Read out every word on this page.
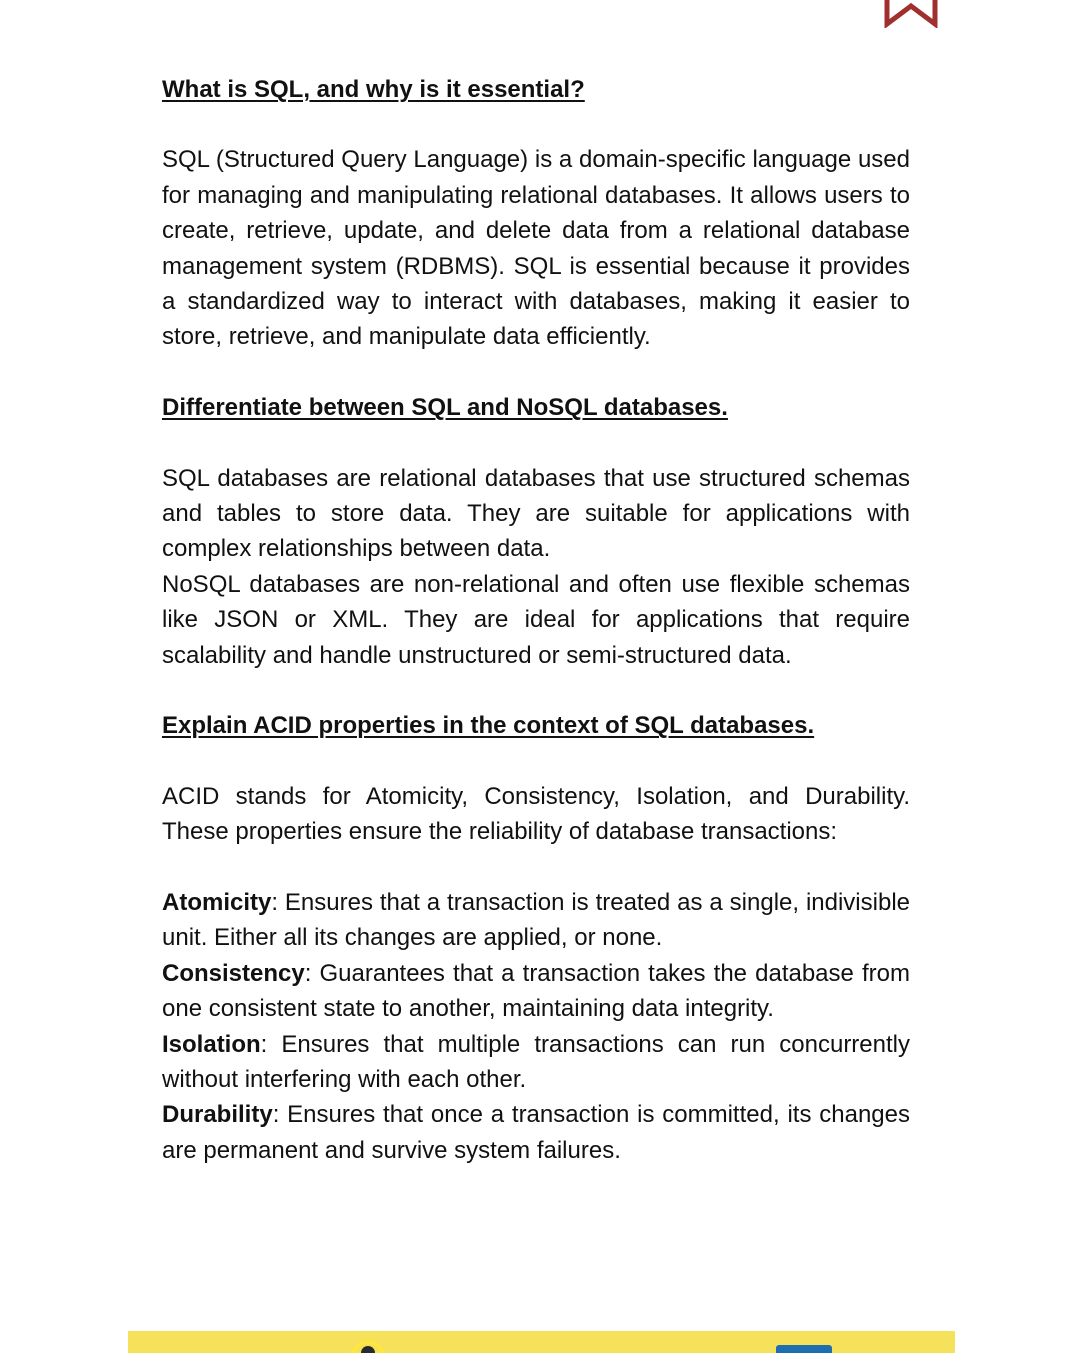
What is SQL, and why is it essential?

SQL (Structured Query Language) is a domain-specific language used for managing and manipulating relational databases. It allows users to create, retrieve, update, and delete data from a relational database management system (RDBMS). SQL is essential because it provides a standardized way to interact with databases, making it easier to store, retrieve, and manipulate data efficiently.

Differentiate between SQL and NoSQL databases.

SQL databases are relational databases that use structured schemas and tables to store data. They are suitable for applications with complex relationships between data.

NoSQL databases are non-relational and often use flexible schemas like JSON or XML. They are ideal for applications that require scalability and handle unstructured or semi-structured data.

Explain ACID properties in the context of SQL databases.

ACID stands for Atomicity, Consistency, Isolation, and Durability. These properties ensure the reliability of database transactions:

Atomicity: Ensures that a transaction is treated as a single, indivisible unit. Either all its changes are applied, or none.

Consistency: Guarantees that a transaction takes the database from one consistent state to another, maintaining data integrity.

Isolation: Ensures that multiple transactions can run concurrently without interfering with each other.

Durability: Ensures that once a transaction is committed, its changes are permanent and survive system failures.
